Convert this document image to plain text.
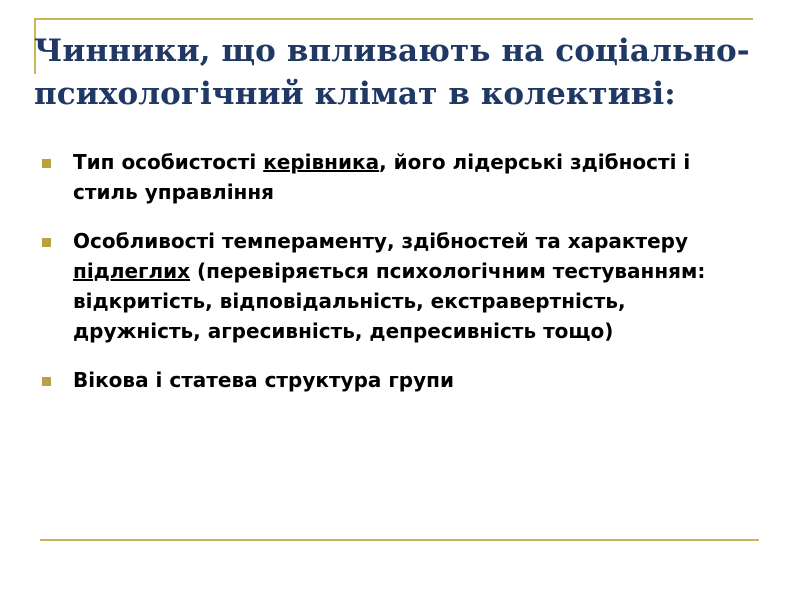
Чинники, що впливають на соціально-
психологічний клімат в колективі:
Тип особистості керівника, його лідерські здібності і стиль управління
Особливості темпераменту, здібностей та характеру підлеглих (перевіряється психологічним тестуванням: відкритість, відповідальність, екстравертність, дружність, агресивність, депресивність тощо)
Вікова і статева структура групи
